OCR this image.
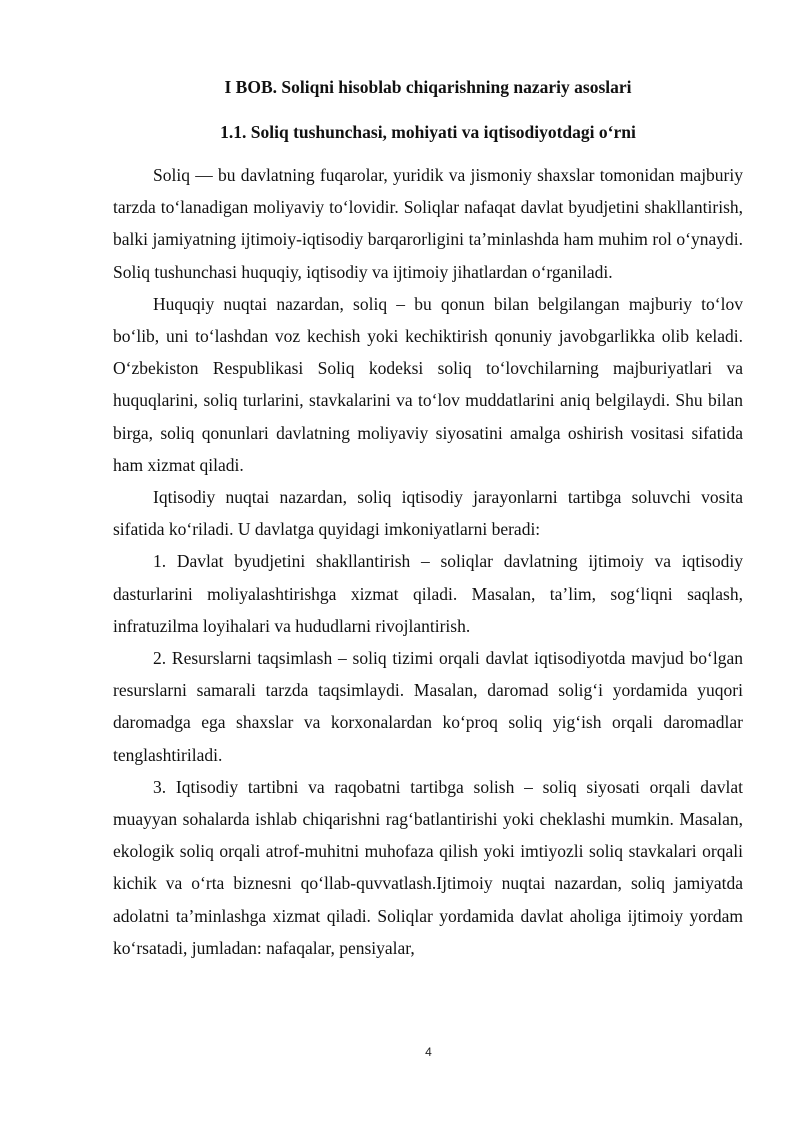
I BOB. Soliqni hisoblab chiqarishning nazariy asoslari
1.1. Soliq tushunchasi, mohiyati va iqtisodiyotdagi o‘rni

Soliq — bu davlatning fuqarolar, yuridik va jismoniy shaxslar tomonidan majburiy tarzda to‘lanadigan moliyaviy to‘lovidir. Soliqlar nafaqat davlat byudjetini shakllantirish, balki jamiyatning ijtimoiy-iqtisodiy barqarorligini ta’minlashda ham muhim rol o‘ynaydi. Soliq tushunchasi huquqiy, iqtisodiy va ijtimoiy jihatlardan o‘rganiladi.

Huquqiy nuqtai nazardan, soliq – bu qonun bilan belgilangan majburiy to‘lov bo‘lib, uni to‘lashdan voz kechish yoki kechiktirish qonuniy javobgarlikka olib keladi. O‘zbekiston Respublikasi Soliq kodeksi soliq to‘lovchilarning majburiyatlari va huquqlarini, soliq turlarini, stavkalarini va to‘lov muddatlarini aniq belgilaydi. Shu bilan birga, soliq qonunlari davlatning moliyaviy siyosatini amalga oshirish vositasi sifatida ham xizmat qiladi.

Iqtisodiy nuqtai nazardan, soliq iqtisodiy jarayonlarni tartibga soluvchi vosita sifatida ko‘riladi. U davlatga quyidagi imkoniyatlarni beradi:

1. Davlat byudjetini shakllantirish – soliqlar davlatning ijtimoiy va iqtisodiy dasturlarini moliyalashtirishga xizmat qiladi. Masalan, ta’lim, sog‘liqni saqlash, infratuzilma loyihalari va hududlarni rivojlantirish.

2. Resurslarni taqsimlash – soliq tizimi orqali davlat iqtisodiyotda mavjud bo‘lgan resurslarni samarali tarzda taqsimlaydi. Masalan, daromad solig‘i yordamida yuqori daromadga ega shaxslar va korxonalardan ko‘proq soliq yig‘ish orqali daromadlar tenglashtiriladi.

3. Iqtisodiy tartibni va raqobatni tartibga solish – soliq siyosati orqali davlat muayyan sohalarda ishlab chiqarishni rag‘batlantirishi yoki cheklashi mumkin. Masalan, ekologik soliq orqali atrof-muhitni muhofaza qilish yoki imtiyozli soliq stavkalari orqali kichik va o‘rta biznesni qo‘llab-quvvatlash.Ijtimoiy nuqtai nazardan, soliq jamiyatda adolatni ta’minlashga xizmat qiladi. Soliqlar yordamida davlat aholiga ijtimoiy yordam ko‘rsatadi, jumladan: nafaqalar, pensiyalar,

4
